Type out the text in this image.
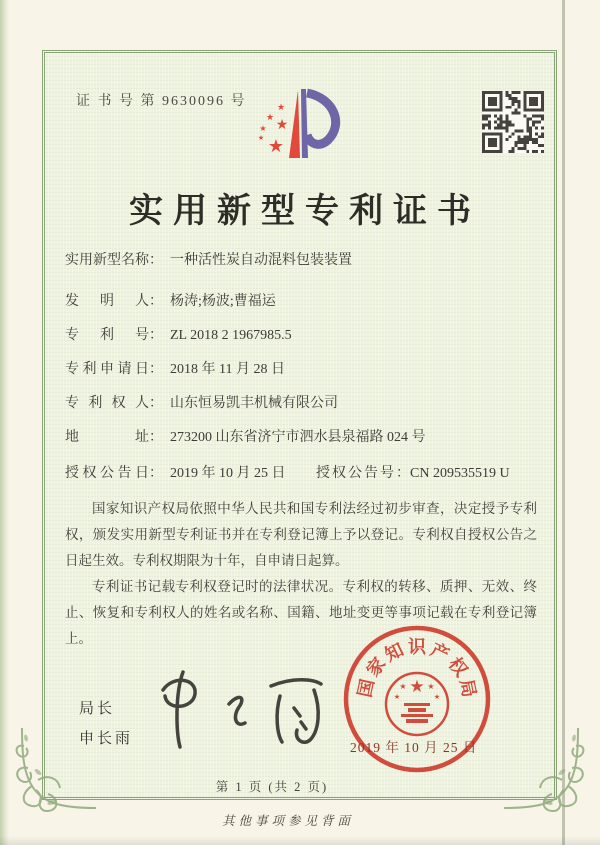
证 书 号 第 9630096 号	★
★ ★
★
★ ★
实用新型专利证书
实用新型名称： 一种活性炭自动混料包装装置
发明人： 杨涛;杨波;曹福运
专利号： ZL 2018 2 1967985.5
专利申请日： 2018 年 11 月 28 日
专利权人： 山东恒易凯丰机械有限公司
地址： 273200 山东省济宁市泗水县泉福路 024 号
授权公告日： 2019 年 10 月 25 日 授权公告号：CN 209535519 U

国家知识产权局依照中华人民共和国专利法经过初步审查，决定授予专利权，颁发实用新型专利证书并在专利登记簿上予以登记。专利权自授权公告之日起生效。专利权期限为十年，自申请日起算。

专利证书记载专利权登记时的法律状况。专利权的转移、质押、无效、终止、恢复和专利权人的姓名或名称、国籍、地址变更等事项记载在专利登记簿上。

局长
申长雨
国
家
知 识 产
权
局
★
★	★
★	★
2019 年 10 月 25 日
第 1 页 (共 2 页)
其他事项参见背面
